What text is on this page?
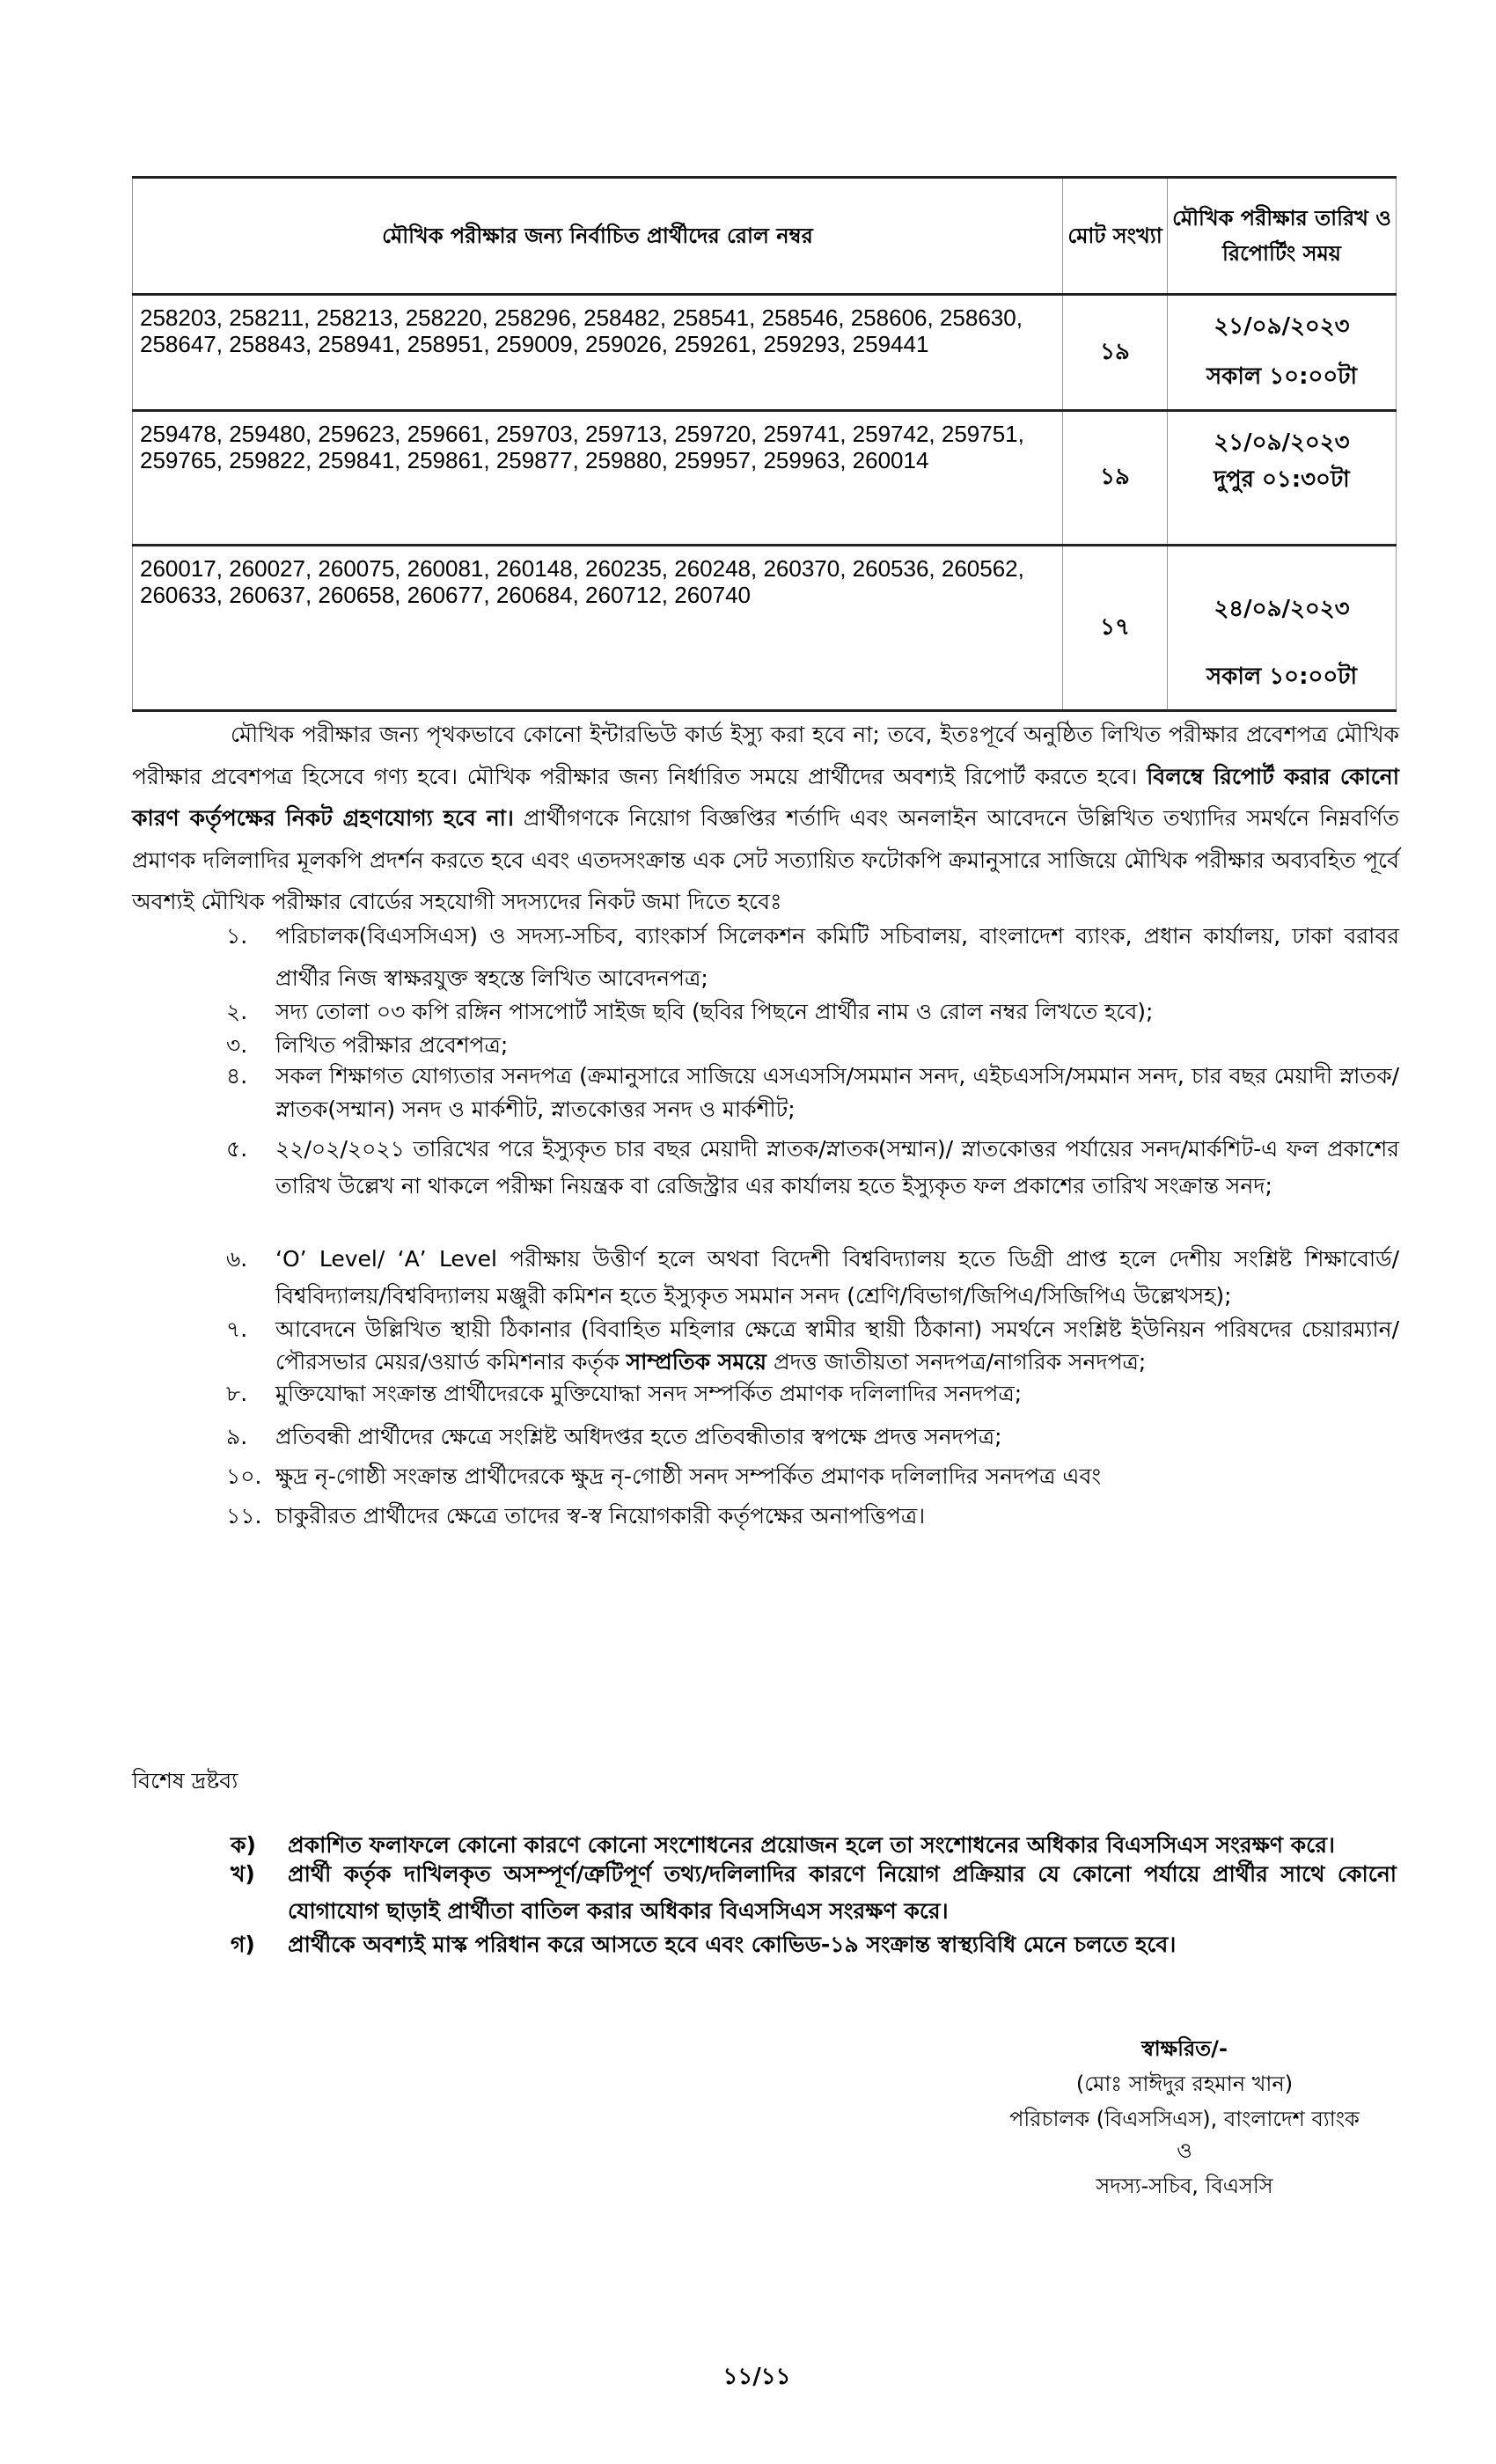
মৌখিক পরীক্ষার জন্য নির্বাচিত প্রার্থীদের রোল নম্বর	মোট সংখ্যা	মৌখিক পরীক্ষার তারিখ ও রিপোর্টিং সময়
258203, 258211, 258213, 258220, 258296, 258482, 258541, 258546, 258606, 258630, 258647, 258843, 258941, 258951, 259009, 259026, 259261, 259293, 259441	১৯	২১/০৯/২০২৩
সকাল ১০:০০টা

259478, 259480, 259623, 259661, 259703, 259713, 259720, 259741, 259742, 259751, 259765, 259822, 259841, 259861, 259877, 259880, 259957, 259963, 260014	১৯	২১/০৯/২০২৩
দুপুর ০১:৩০টা

260017, 260027, 260075, 260081, 260148, 260235, 260248, 260370, 260536, 260562, 260633, 260637, 260658, 260677, 260684, 260712, 260740	১৭	২৪/০৯/২০২৩
সকাল ১০:০০টা
মৌখিক পরীক্ষার জন্য পৃথকভাবে কোনো ইন্টারভিউ কার্ড ইস্যু করা হবে না; তবে, ইতঃপূর্বে অনুষ্ঠিত লিখিত পরীক্ষার প্রবেশপত্র মৌখিক পরীক্ষার প্রবেশপত্র হিসেবে গণ্য হবে। মৌখিক পরীক্ষার জন্য নির্ধারিত সময়ে প্রার্থীদের অবশ্যই রিপোর্ট করতে হবে। বিলম্বে রিপোর্ট করার কোনো কারণ কর্তৃপক্ষের নিকট গ্রহণযোগ্য হবে না। প্রার্থীগণকে নিয়োগ বিজ্ঞপ্তির শর্তাদি এবং অনলাইন আবেদনে উল্লিখিত তথ্যাদির সমর্থনে নিম্নবর্ণিত প্রমাণক দলিলাদির মূলকপি প্রদর্শন করতে হবে এবং এতদসংক্রান্ত এক সেট সত্যায়িত ফটোকপি ক্রমানুসারে সাজিয়ে মৌখিক পরীক্ষার অব্যবহিত পূর্বে অবশ্যই মৌখিক পরীক্ষার বোর্ডের সহযোগী সদস্যদের নিকট জমা দিতে হবেঃ
১.	পরিচালক(বিএসসিএস) ও সদস্য-সচিব, ব্যাংকার্স সিলেকশন কমিটি সচিবালয়, বাংলাদেশ ব্যাংক, প্রধান কার্যালয়, ঢাকা বরাবর প্রার্থীর নিজ স্বাক্ষরযুক্ত স্বহস্তে লিখিত আবেদনপত্র;
২.	সদ্য তোলা ০৩ কপি রঙ্গিন পাসপোর্ট সাইজ ছবি (ছবির পিছনে প্রার্থীর নাম ও রোল নম্বর লিখতে হবে);
৩.	লিখিত পরীক্ষার প্রবেশপত্র;
৪.	সকল শিক্ষাগত যোগ্যতার সনদপত্র (ক্রমানুসারে সাজিয়ে এসএসসি/সমমান সনদ, এইচএসসি/সমমান সনদ, চার বছর মেয়াদী স্নাতক/স্নাতক(সম্মান) সনদ ও মার্কশীট, স্নাতকোত্তর সনদ ও মার্কশীট;
৫.	২২/০২/২০২১ তারিখের পরে ইস্যুকৃত চার বছর মেয়াদী স্নাতক/স্নাতক(সম্মান)/ স্নাতকোত্তর পর্যায়ের সনদ/মার্কশিট-এ ফল প্রকাশের তারিখ উল্লেখ না থাকলে পরীক্ষা নিয়ন্ত্রক বা রেজিস্ট্রার এর কার্যালয় হতে ইস্যুকৃত ফল প্রকাশের তারিখ সংক্রান্ত সনদ;
৬.	‘O’ Level/ ‘A’ Level পরীক্ষায় উত্তীর্ণ হলে অথবা বিদেশী বিশ্ববিদ্যালয় হতে ডিগ্রী প্রাপ্ত হলে দেশীয় সংশ্লিষ্ট শিক্ষাবোর্ড/বিশ্ববিদ্যালয়/বিশ্ববিদ্যালয় মঞ্জুরী কমিশন হতে ইস্যুকৃত সমমান সনদ (শ্রেণি/বিভাগ/জিপিএ/সিজিপিএ উল্লেখসহ);
৭.	আবেদনে উল্লিখিত স্থায়ী ঠিকানার (বিবাহিত মহিলার ক্ষেত্রে স্বামীর স্থায়ী ঠিকানা) সমর্থনে সংশ্লিষ্ট ইউনিয়ন পরিষদের চেয়ারম্যান/পৌরসভার মেয়র/ওয়ার্ড কমিশনার কর্তৃক সাম্প্রতিক সময়ে প্রদত্ত জাতীয়তা সনদপত্র/নাগরিক সনদপত্র;
৮.	মুক্তিযোদ্ধা সংক্রান্ত প্রার্থীদেরকে মুক্তিযোদ্ধা সনদ সম্পর্কিত প্রমাণক দলিলাদির সনদপত্র;
৯.	প্রতিবন্ধী প্রার্থীদের ক্ষেত্রে সংশ্লিষ্ট অধিদপ্তর হতে প্রতিবন্ধীতার স্বপক্ষে প্রদত্ত সনদপত্র;
১০. ক্ষুদ্র নৃ-গোষ্ঠী সংক্রান্ত প্রার্থীদেরকে ক্ষুদ্র নৃ-গোষ্ঠী সনদ সম্পর্কিত প্রমাণক দলিলাদির সনদপত্র এবং
১১. চাকুরীরত প্রার্থীদের ক্ষেত্রে তাদের স্ব-স্ব নিয়োগকারী কর্তৃপক্ষের অনাপত্তিপত্র।
বিশেষ দ্রষ্টব্য
ক) প্রকাশিত ফলাফলে কোনো কারণে কোনো সংশোধনের প্রয়োজন হলে তা সংশোধনের অধিকার বিএসসিএস সংরক্ষণ করে।
খ) প্রার্থী কর্তৃক দাখিলকৃত অসম্পূর্ণ/ত্রুটিপূর্ণ তথ্য/দলিলাদির কারণে নিয়োগ প্রক্রিয়ার যে কোনো পর্যায়ে প্রার্থীর সাথে কোনো যোগাযোগ ছাড়াই প্রার্থীতা বাতিল করার অধিকার বিএসসিএস সংরক্ষণ করে।
গ) প্রার্থীকে অবশ্যই মাস্ক পরিধান করে আসতে হবে এবং কোভিড-১৯ সংক্রান্ত স্বাস্থ্যবিধি মেনে চলতে হবে।
স্বাক্ষরিত/-
(মোঃ সাঈদুর রহমান খান)
পরিচালক (বিএসসিএস), বাংলাদেশ ব্যাংক
ও
সদস্য-সচিব, বিএসসি
১১/১১
